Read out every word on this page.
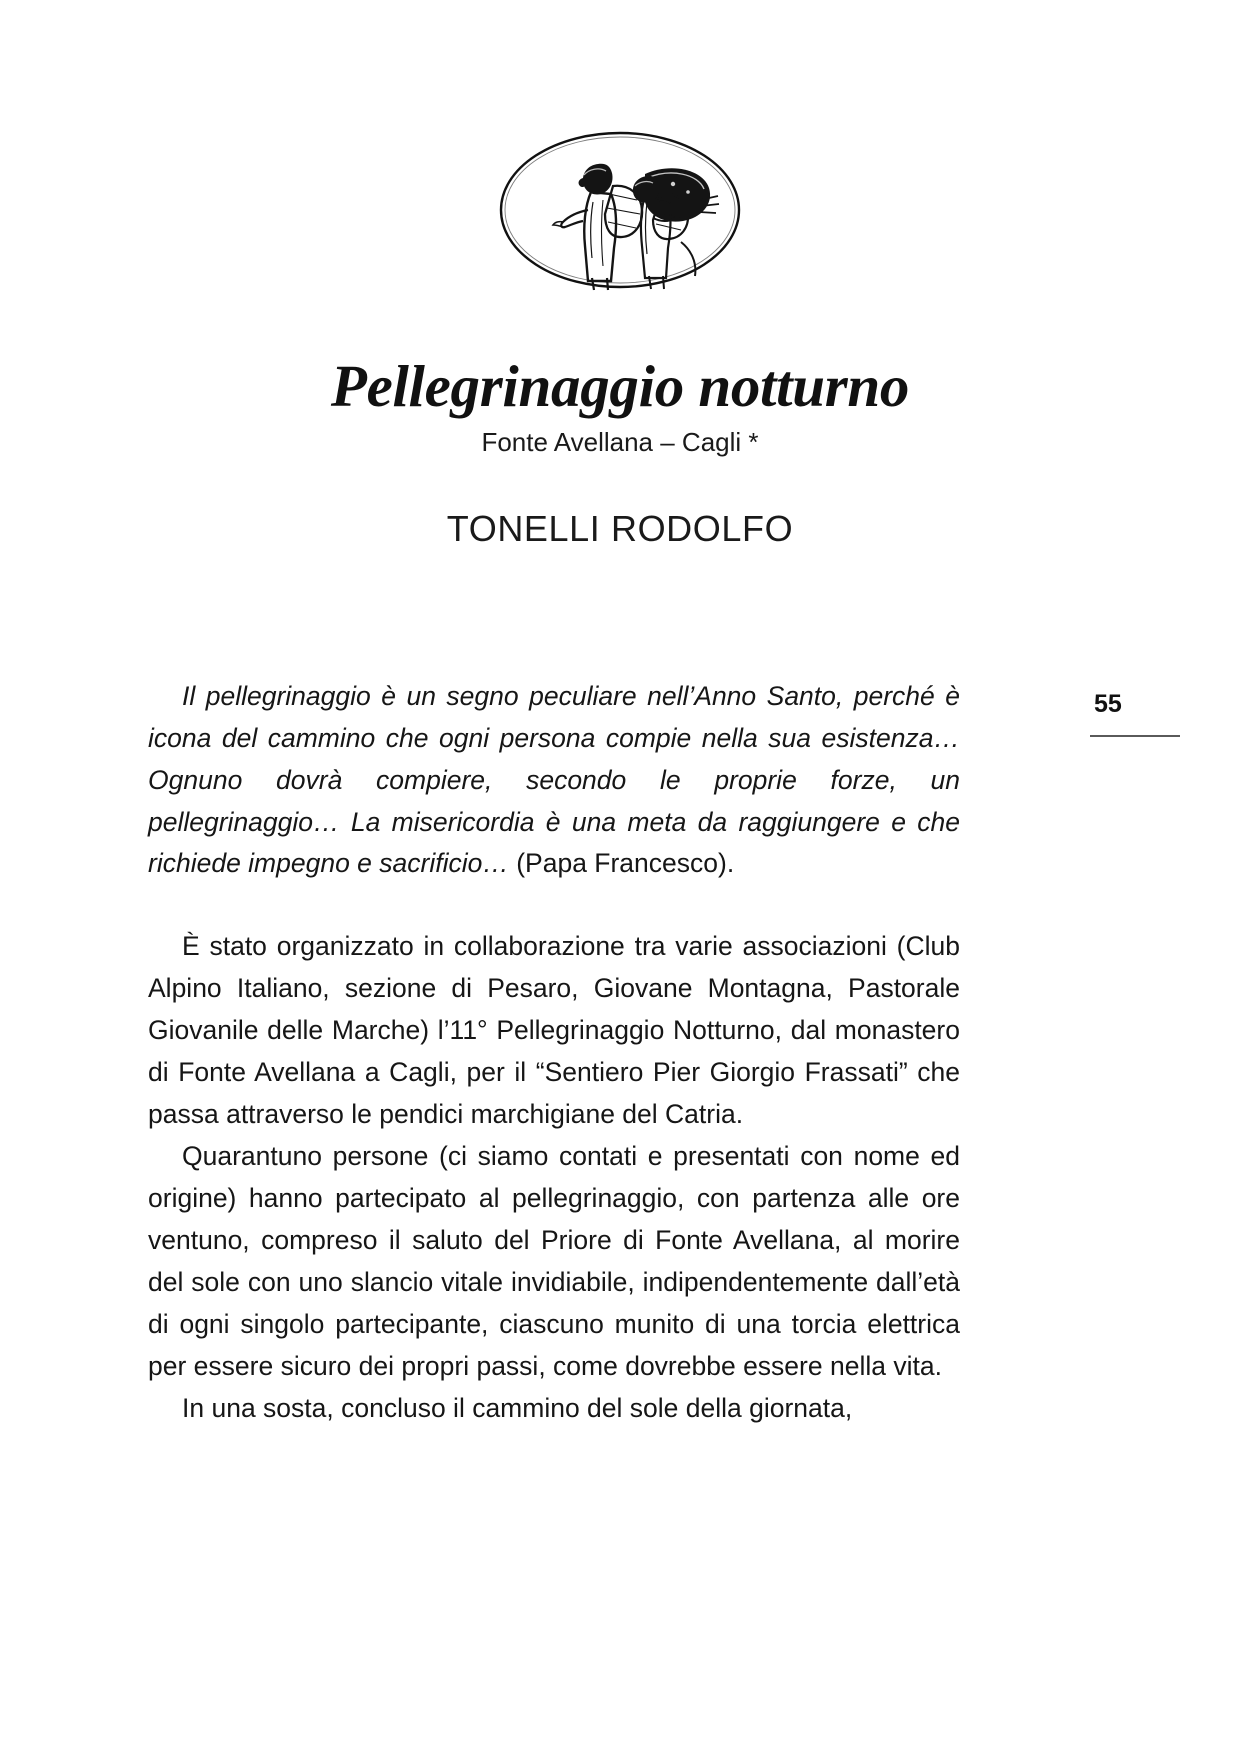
Pellegrinaggio notturno

Fonte Avellana – Cagli *

TONELLI RODOLFO
55

Il pellegrinaggio è un segno peculiare nell’Anno Santo, perché è icona del cammino che ogni persona compie nella sua esistenza… Ognuno dovrà compiere, secondo le proprie forze, un pellegrinaggio… La misericordia è una meta da raggiungere e che richiede impegno e sacrificio… (Papa Francesco).

È stato organizzato in collaborazione tra varie associazioni (Club Alpino Italiano, sezione di Pesaro, Giovane Montagna, Pastorale Giovanile delle Marche) l’11° Pellegrinaggio Notturno, dal monastero di Fonte Avellana a Cagli, per il “Sentiero Pier Giorgio Frassati” che passa attraverso le pendici marchigiane del Catria.

Quarantuno persone (ci siamo contati e presentati con nome ed origine) hanno partecipato al pellegrinaggio, con partenza alle ore ventuno, compreso il saluto del Priore di Fonte Avellana, al morire del sole con uno slancio vitale invidiabile, indipendentemente dall’età di ogni singolo partecipante, ciascuno munito di una torcia elettrica per essere sicuro dei propri passi, come dovrebbe essere nella vita.

In una sosta, concluso il cammino del sole della giornata,
